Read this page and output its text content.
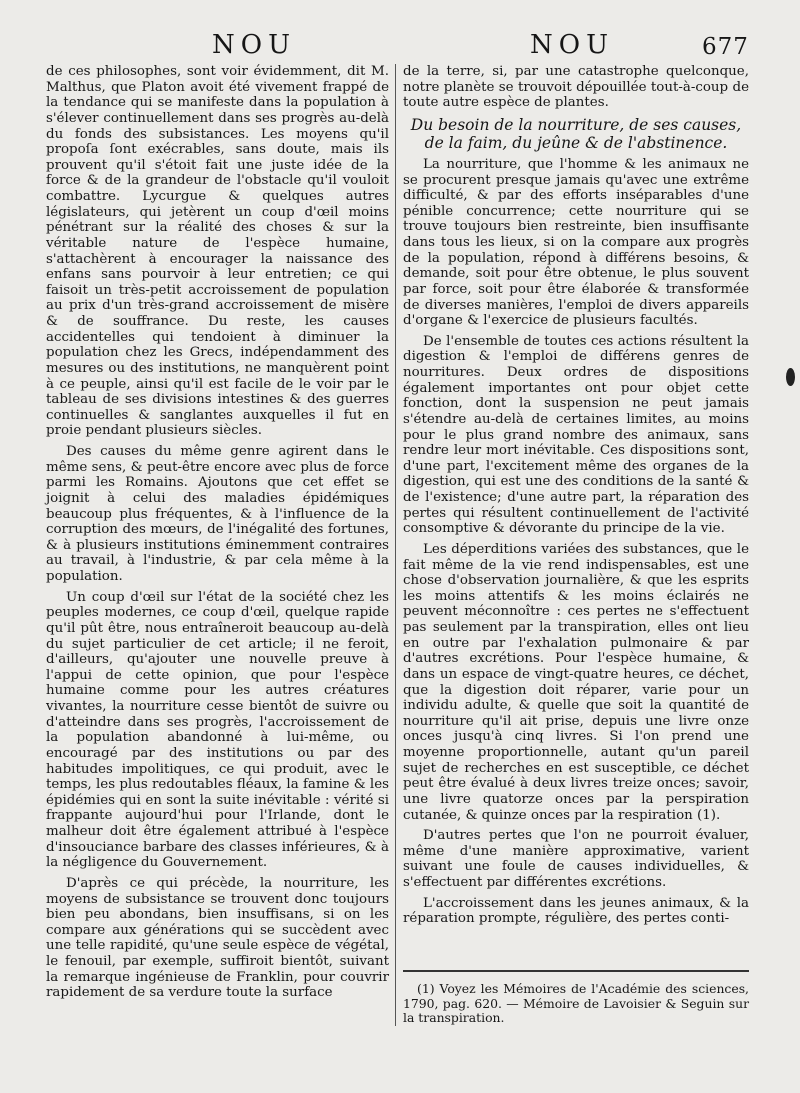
NOU	NOU	677

de ces philosophes, sont voir évidemment, dit M. Malthus, que Platon avoit été vivement frappé de la tendance qui se manifeste dans la population à s'élever continuellement dans ses progrès au-delà du fonds des subsistances. Les moyens qu'il propoſa ſont exécrables, sans doute, mais ils prouvent qu'il s'étoit fait une juste idée de la force & de la grandeur de l'obstacle qu'il vouloit combattre. Lycurgue & quelques autres législateurs, qui jetèrent un coup d'œil moins pénétrant sur la réalité des choses & sur la véritable nature de l'espèce humaine, s'attachèrent à encourager la naissance des enfans sans pourvoir à leur entretien; ce qui faisoit un très-petit accroissement de population au prix d'un très-grand accroissement de misère & de souffrance. Du reste, les causes accidentelles qui tendoient à diminuer la population chez les Grecs, indépendamment des mesures ou des institutions, ne manquèrent point à ce peuple, ainsi qu'il est facile de le voir par le tableau de ses divisions intestines & des guerres continuelles & sanglantes auxquelles il fut en proie pendant plusieurs siècles.

Des causes du même genre agirent dans le même sens, & peut-être encore avec plus de force parmi les Romains. Ajoutons que cet effet se joignit à celui des maladies épidémiques beaucoup plus fréquentes, & à l'influence de la corruption des mœurs, de l'inégalité des fortunes, & à plusieurs institutions éminemment contraires au travail, à l'industrie, & par cela même à la population.

Un coup d'œil sur l'état de la société chez les peuples modernes, ce coup d'œil, quelque rapide qu'il pût être, nous entraîneroit beaucoup au-delà du sujet particulier de cet article; il ne feroit, d'ailleurs, qu'ajouter une nouvelle preuve à l'appui de cette opinion, que pour l'espèce humaine comme pour les autres créatures vivantes, la nourriture cesse bientôt de suivre ou d'atteindre dans ses progrès, l'accroissement de la population abandonné à lui-même, ou encouragé par des institutions ou par des habitudes impolitiques, ce qui produit, avec le temps, les plus redoutables fléaux, la famine & les épidémies qui en sont la suite inévitable : vérité si frappante aujourd'hui pour l'Irlande, dont le malheur doit être également attribué à l'espèce d'insouciance barbare des classes inférieures, & à la négligence du Gouvernement.

D'après ce qui précède, la nourriture, les moyens de subsistance se trouvent donc toujours bien peu abondans, bien insuffisans, si on les compare aux générations qui se succèdent avec une telle rapidité, qu'une seule espèce de végétal, le fenouil, par exemple, suffiroit bientôt, suivant la remarque ingénieuse de Franklin, pour couvrir rapidement de sa verdure toute la surface

de la terre, si, par une catastrophe quelconque, notre planète se trouvoit dépouillée tout-à-coup de toute autre espèce de plantes.

Du besoin de la nourriture, de ses causes, de la faim, du jeûne & de l'abstinence.

La nourriture, que l'homme & les animaux ne se procurent presque jamais qu'avec une extrême difficulté, & par des efforts inséparables d'une pénible concurrence; cette nourriture qui se trouve toujours bien restreinte, bien insuffisante dans tous les lieux, si on la compare aux progrès de la population, répond à différens besoins, & demande, soit pour être obtenue, le plus souvent par force, soit pour être élaborée & transformée de diverses manières, l'emploi de divers appareils d'organe & l'exercice de plusieurs facultés.

De l'ensemble de toutes ces actions résultent la digestion & l'emploi de différens genres de nourritures. Deux ordres de dispositions également importantes ont pour objet cette fonction, dont la suspension ne peut jamais s'étendre au-delà de certaines limites, au moins pour le plus grand nombre des animaux, sans rendre leur mort inévitable. Ces dispositions sont, d'une part, l'excitement même des organes de la digestion, qui est une des conditions de la santé & de l'existence; d'une autre part, la réparation des pertes qui résultent continuellement de l'activité consomptive & dévorante du principe de la vie.

Les déperditions variées des substances, que le fait même de la vie rend indispensables, est une chose d'observation journalière, & que les esprits les moins attentifs & les moins éclairés ne peuvent méconnoître : ces pertes ne s'effectuent pas seulement par la transpiration, elles ont lieu en outre par l'exhalation pulmonaire & par d'autres excrétions. Pour l'espèce humaine, & dans un espace de vingt-quatre heures, ce déchet, que la digestion doit réparer, varie pour un individu adulte, & quelle que soit la quantité de nourriture qu'il ait prise, depuis une livre onze onces jusqu'à cinq livres. Si l'on prend une moyenne proportionnelle, autant qu'un pareil sujet de recherches en est susceptible, ce déchet peut être évalué à deux livres treize onces; savoir, une livre quatorze onces par la perspiration cutanée, & quinze onces par la respiration (1).

D'autres pertes que l'on ne pourroit évaluer, même d'une manière approximative, varient suivant une foule de causes individuelles, & s'effectuent par différentes excrétions.

L'accroissement dans les jeunes animaux, & la réparation prompte, régulière, des pertes conti-

(1) Voyez les Mémoires de l'Académie des sciences, 1790, pag. 620. — Mémoire de Lavoisier & Seguin sur la transpiration.
